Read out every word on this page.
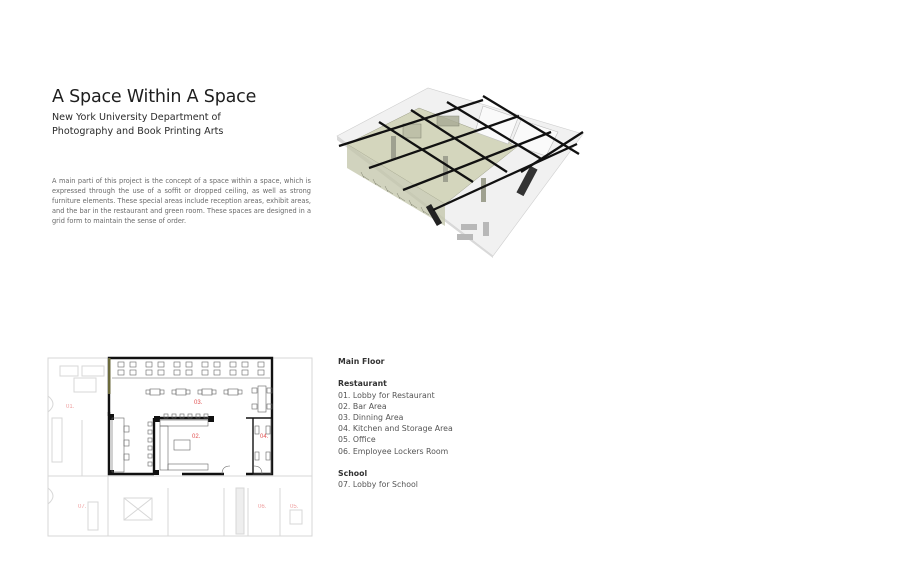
A Space Within A Space
New York University Department of
Photography and Book Printing Arts

A main parti of this project is the concept of a space within a space, which is expressed through the use of a soffit or dropped ceiling, as well as strong furniture elements. These special areas include reception areas, exhibit areas, and the bar in the restaurant and green room. These spaces are designed in a grid form to maintain the sense of order.

01.
02.
03.
04.
05.
06.
07.
Main Floor
Restaurant
01. Lobby for Restaurant
02. Bar Area
03. Dinning Area
04. Kitchen and Storage Area
05. Office
06. Employee Lockers Room
School
07. Lobby for School
